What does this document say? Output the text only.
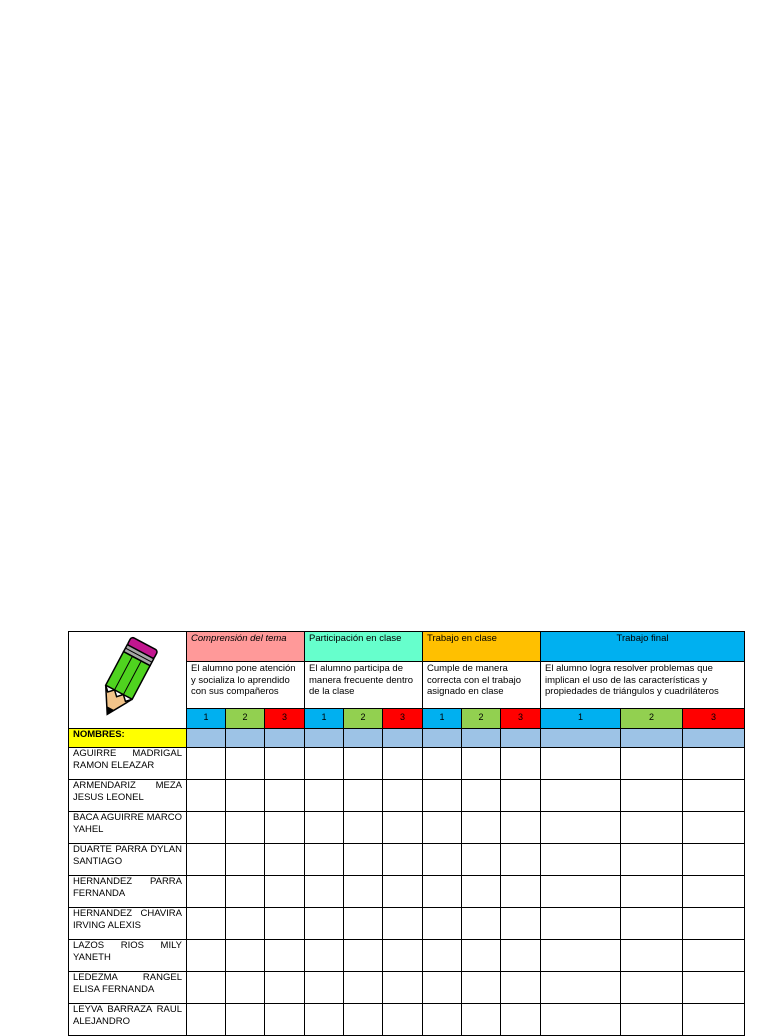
	Comprensión del tema			Participación en clase			Trabajo en clase			Trabajo final		
	El alumno pone atención y socializa lo aprendido con sus compañeros			El alumno participa de manera frecuente dentro de la clase			Cumple de manera correcta con el trabajo asignado en clase			El alumno logra resolver problemas que implican el uso de las características y propiedades de triángulos y cuadriláteros		
	1	2	3	1	2	3	1	2	3	1	2	3
NOMBRES:												
AGUIRRE MADRIGAL RAMON ELEAZAR												
ARMENDARIZ MEZA JESUS LEONEL												
BACA AGUIRRE MARCO YAHEL												
DUARTE PARRA DYLAN SANTIAGO												
HERNANDEZ PARRA FERNANDA												
HERNANDEZ CHAVIRA IRVING ALEXIS												
LAZOS RIOS MILY YANETH												
LEDEZMA RANGEL ELISA FERNANDA												
LEYVA BARRAZA RAUL ALEJANDRO												
